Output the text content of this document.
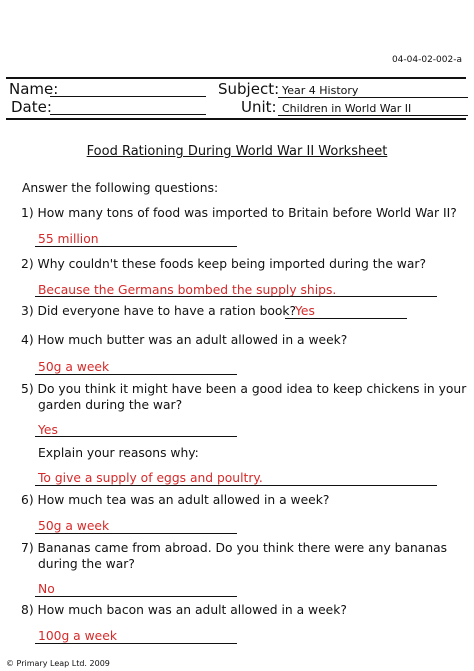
04-04-02-002-a
Name:
Date:
Subject: Year 4 History
Unit: Children in World War II
Food Rationing During World War II Worksheet
Answer the following questions:
1) How many tons of food was imported to Britain before World War II?
55 million
2) Why couldn't these foods keep being imported during the war?
Because the Germans bombed the supply ships.
3) Did everyone have to have a ration book?
Yes
4) How much butter was an adult allowed in a week?
50g a week
5) Do you think it might have been a good idea to keep chickens in your
garden during the war?
Yes
Explain your reasons why:
To give a supply of eggs and poultry.
6) How much tea was an adult allowed in a week?
50g a week
7) Bananas came from abroad. Do you think there were any bananas
during the war?
No
8) How much bacon was an adult allowed in a week?
100g a week
© Primary Leap Ltd. 2009
